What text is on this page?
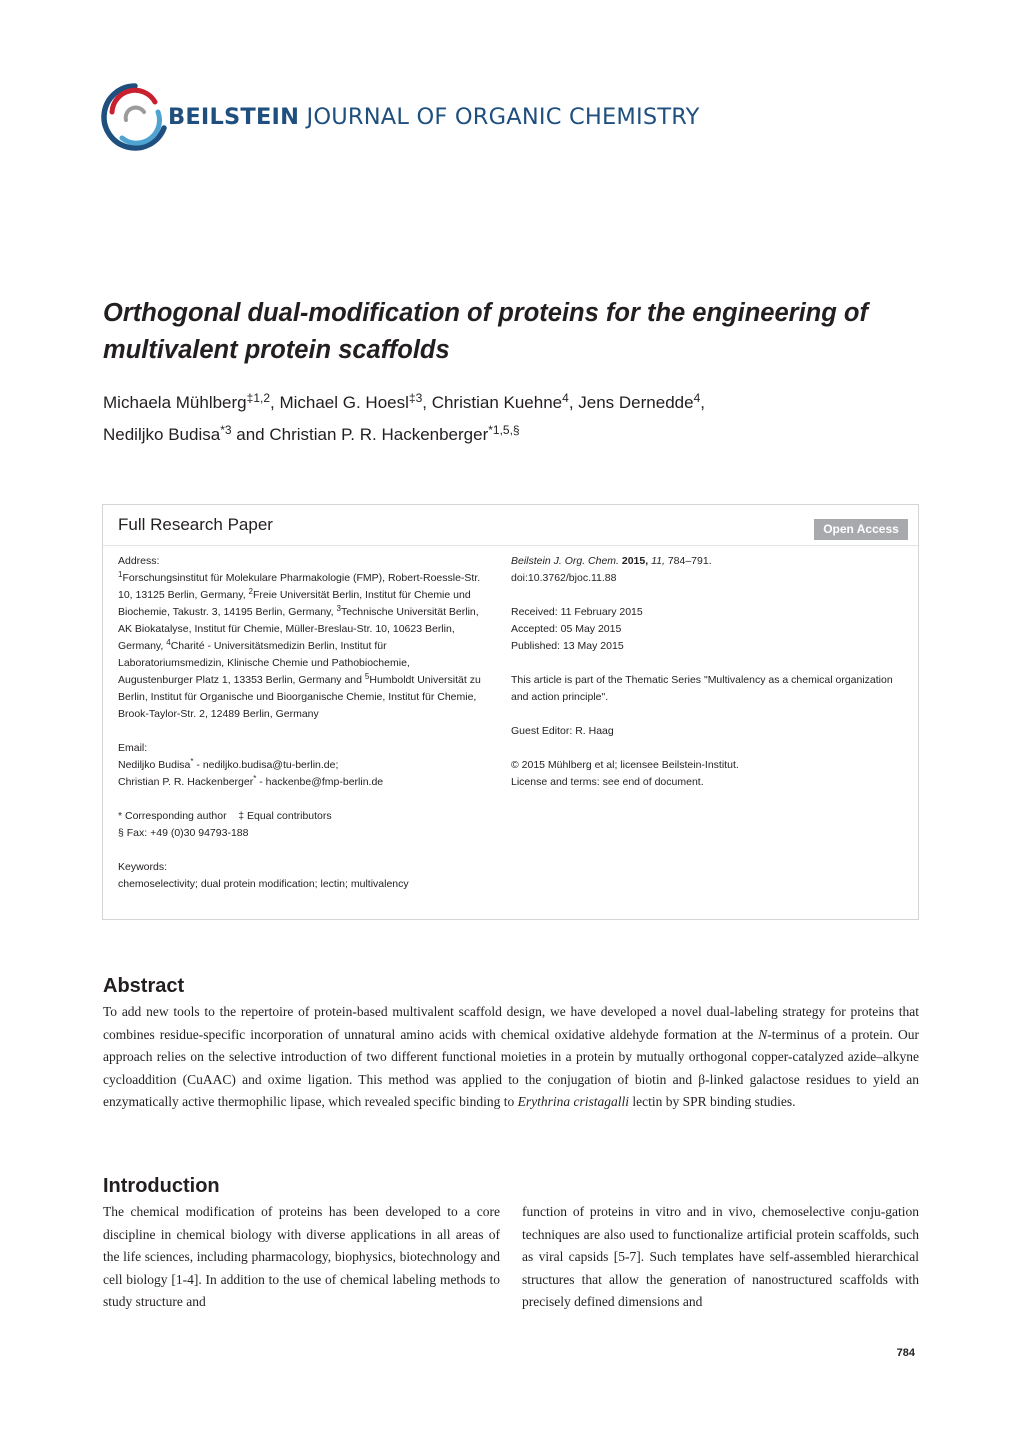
BEILSTEIN JOURNAL OF ORGANIC CHEMISTRY
Orthogonal dual-modification of proteins for the engineering of multivalent protein scaffolds
Michaela Mühlberg$^{\ddagger 1,2}$, Michael G. Hoesl$^{\ddagger 3}$, Christian Kuehne$^4$, Jens Dernedde$^4$,
Nediljko Budisa$^{*3}$ and Christian P. R. Hackenberger$^{*1,5,\S}$
Full Research Paper	Open Access
Address:
$^1$Forschungsinstitut für Molekulare Pharmakologie (FMP), Robert-Roessle-Str. 10, 13125 Berlin, Germany, $^2$Freie Universität Berlin, Institut für Chemie und Biochemie, Takustr. 3, 14195 Berlin, Germany, $^3$Technische Universität Berlin, AK Biokatalyse, Institut für Chemie, Müller-Breslau-Str. 10, 10623 Berlin, Germany, $^4$Charité - Universitätsmedizin Berlin, Institut für Laboratoriumsmedizin, Klinische Chemie und Pathobiochemie, Augustenburger Platz 1, 13353 Berlin, Germany and $^5$Humboldt Universität zu Berlin, Institut für Organische und Bioorganische Chemie, Institut für Chemie, Brook-Taylor-Str. 2, 12489 Berlin, Germany
Email:
Nediljko Budisa* - nediljko.budisa@tu-berlin.de;
Christian P. R. Hackenberger* - hackenbe@fmp-berlin.de
* Corresponding author    ‡ Equal contributors
§ Fax: +49 (0)30 94793-188
Keywords:
chemoselectivity; dual protein modification; lectin; multivalency
Beilstein J. Org. Chem. 2015, 11, 784–791.
doi:10.3762/bjoc.11.88
Received: 11 February 2015
Accepted: 05 May 2015
Published: 13 May 2015
This article is part of the Thematic Series "Multivalency as a chemical organization and action principle".
Guest Editor: R. Haag
© 2015 Mühlberg et al; licensee Beilstein-Institut.
License and terms: see end of document.
Abstract

To add new tools to the repertoire of protein-based multivalent scaffold design, we have developed a novel dual-labeling strategy for proteins that combines residue-specific incorporation of unnatural amino acids with chemical oxidative aldehyde formation at the N-terminus of a protein. Our approach relies on the selective introduction of two different functional moieties in a protein by mutually orthogonal copper-catalyzed azide–alkyne cycloaddition (CuAAC) and oxime ligation. This method was applied to the conjugation of biotin and β-linked galactose residues to yield an enzymatically active thermophilic lipase, which revealed specific binding to Erythrina cristagalli lectin by SPR binding studies.

Introduction

The chemical modification of proteins has been developed to a core discipline in chemical biology with diverse applications in all areas of the life sciences, including pharmacology, biophysics, biotechnology and cell biology [1-4]. In addition to the use of chemical labeling methods to study structure and

function of proteins in vitro and in vivo, chemoselective conju-gation techniques are also used to functionalize artificial protein scaffolds, such as viral capsids [5-7]. Such templates have self-assembled hierarchical structures that allow the generation of nanostructured scaffolds with precisely defined dimensions and

784
